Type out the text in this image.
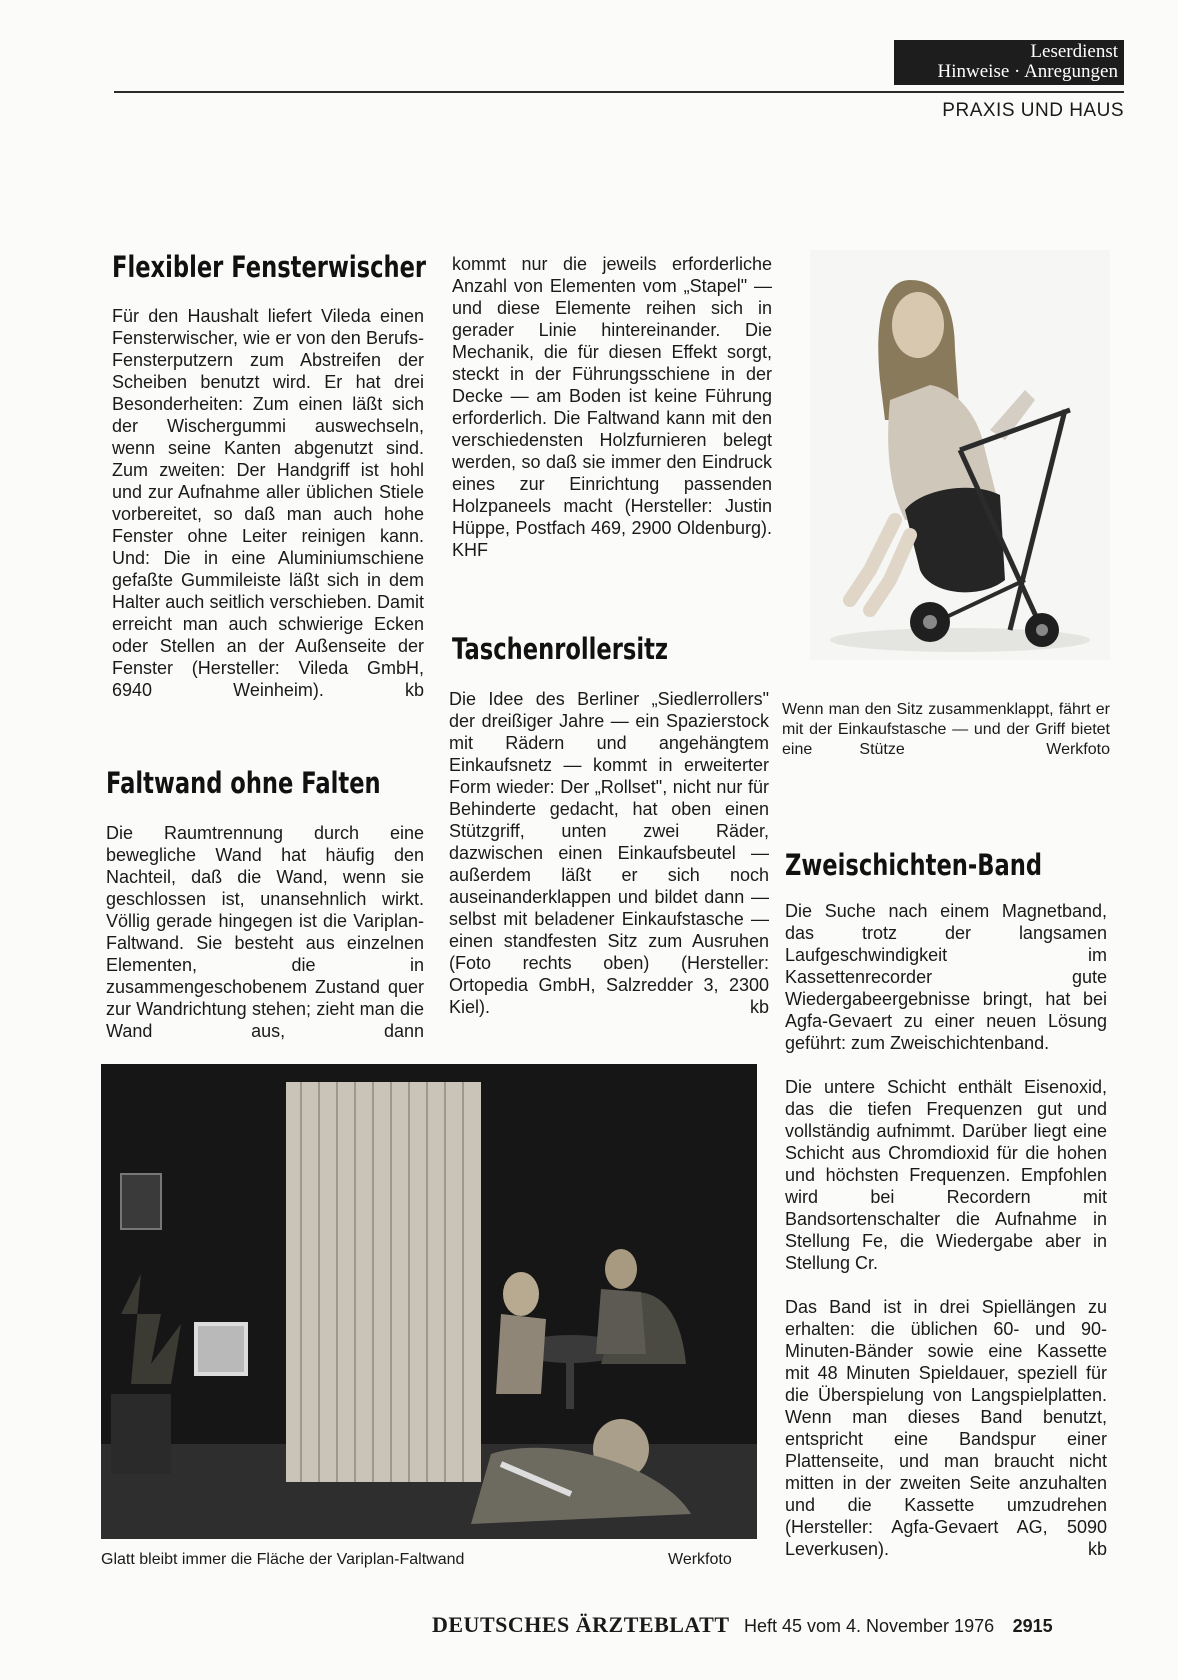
Leserdienst
Hinweise · Anregungen
PRAXIS UND HAUS
Flexibler Fensterwischer

Für den Haushalt liefert Vileda einen Fensterwischer, wie er von den Berufs-Fensterputzern zum Abstreifen der Scheiben benutzt wird. Er hat drei Besonderheiten: Zum einen läßt sich der Wischergummi auswechseln, wenn seine Kanten abgenutzt sind. Zum zweiten: Der Handgriff ist hohl und zur Aufnahme aller üblichen Stiele vorbereitet, so daß man auch hohe Fenster ohne Leiter reinigen kann. Und: Die in eine Aluminiumschiene gefaßte Gummileiste läßt sich in dem Halter auch seitlich verschieben. Damit erreicht man auch schwierige Ecken oder Stellen an der Außenseite der Fenster (Hersteller: Vileda GmbH, 6940 Weinheim).	kb

Faltwand ohne Falten

Die Raumtrennung durch eine bewegliche Wand hat häufig den Nachteil, daß die Wand, wenn sie geschlossen ist, unansehnlich wirkt. Völlig gerade hingegen ist die Variplan-Faltwand. Sie besteht aus einzelnen Elementen, die in zusammengeschobenem Zustand quer zur Wandrichtung stehen; zieht man die Wand aus, dann

kommt nur die jeweils erforderliche Anzahl von Elementen vom „Stapel" — und diese Elemente reihen sich in gerader Linie hintereinander. Die Mechanik, die für diesen Effekt sorgt, steckt in der Führungsschiene in der Decke — am Boden ist keine Führung erforderlich. Die Faltwand kann mit den verschiedensten Holzfurnieren belegt werden, so daß sie immer den Eindruck eines zur Einrichtung passenden Holzpaneels macht (Hersteller: Justin Hüppe, Postfach 469, 2900 Oldenburg). KHF

Taschenrollersitz

Die Idee des Berliner „Siedlerrollers" der dreißiger Jahre — ein Spazierstock mit Rädern und angehängtem Einkaufsnetz — kommt in erweiterter Form wieder: Der „Rollset", nicht nur für Behinderte gedacht, hat oben einen Stützgriff, unten zwei Räder, dazwischen einen Einkaufsbeutel — außerdem läßt er sich noch auseinanderklappen und bildet dann — selbst mit beladener Einkaufstasche — einen standfesten Sitz zum Ausruhen (Foto rechts oben) (Hersteller: Ortopedia GmbH, Salzredder 3, 2300 Kiel).	kb

Wenn man den Sitz zusammenklappt, fährt er mit der Einkaufstasche — und der Griff bietet eine Stütze	Werkfoto
Zweischichten-Band

Die Suche nach einem Magnetband, das trotz der langsamen Laufgeschwindigkeit im Kassettenrecorder gute Wiedergabeergebnisse bringt, hat bei Agfa-Gevaert zu einer neuen Lösung geführt: zum Zweischichtenband.

Die untere Schicht enthält Eisenoxid, das die tiefen Frequenzen gut und vollständig aufnimmt. Darüber liegt eine Schicht aus Chromdioxid für die hohen und höchsten Frequenzen. Empfohlen wird bei Recordern mit Bandsortenschalter die Aufnahme in Stellung Fe, die Wiedergabe aber in Stellung Cr.

Das Band ist in drei Spiellängen zu erhalten: die üblichen 60- und 90-Minuten-Bänder sowie eine Kassette mit 48 Minuten Spieldauer, speziell für die Überspielung von Langspielplatten. Wenn man dieses Band benutzt, entspricht eine Bandspur einer Plattenseite, und man braucht nicht mitten in der zweiten Seite anzuhalten und die Kassette umzudrehen (Hersteller: Agfa-Gevaert AG, 5090 Leverkusen).	kb

Glatt bleibt immer die Fläche der Variplan-Faltwand	Werkfoto
DEUTSCHES ÄRZTEBLATT Heft 45 vom 4. November 1976 2915
